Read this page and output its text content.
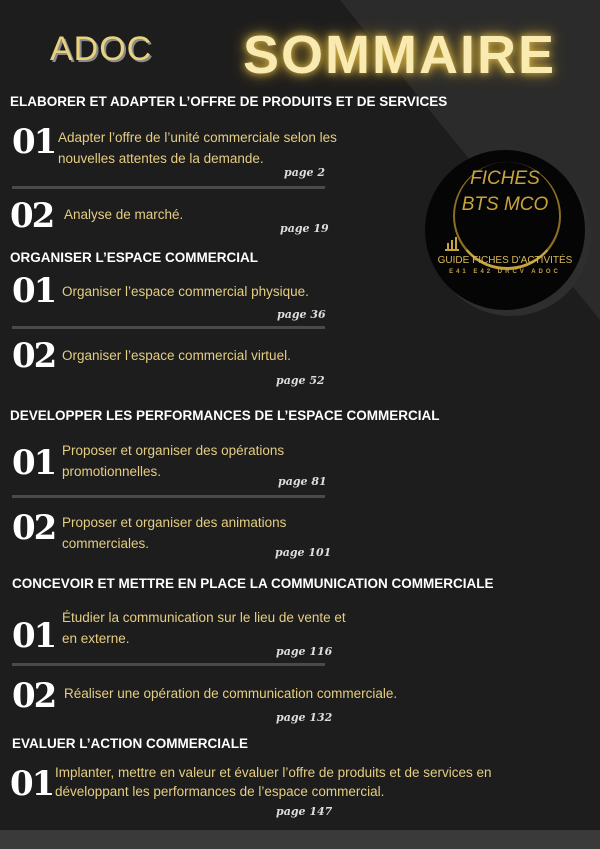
ADOC SOMMAIRE
FICHES
BTS MCO
GUIDE FICHES D'ACTIVITÉS
E41 E42 DRCV ADOC
ELABORER ET ADAPTER L’OFFRE DE PRODUITS ET DE SERVICES
01 Adapter l’offre de l’unité commerciale selon les nouvelles attentes de la demande.
page 2
02 Analyse de marché.
page 19
ORGANISER L’ESPACE COMMERCIAL
01 Organiser l’espace commercial physique.
page 36
02 Organiser l’espace commercial virtuel.
page 52
DEVELOPPER LES PERFORMANCES DE L’ESPACE COMMERCIAL
01 Proposer et organiser des opérations promotionnelles.
page 81
02 Proposer et organiser des animations commerciales.
page 101
CONCEVOIR ET METTRE EN PLACE LA COMMUNICATION COMMERCIALE
01 Étudier la communication sur le lieu de vente et en externe.
page 116
02 Réaliser une opération de communication commerciale.
page 132
EVALUER L’ACTION COMMERCIALE
01 Implanter, mettre en valeur et évaluer l’offre de produits et de services en développant les performances de l’espace commercial.
page 147
